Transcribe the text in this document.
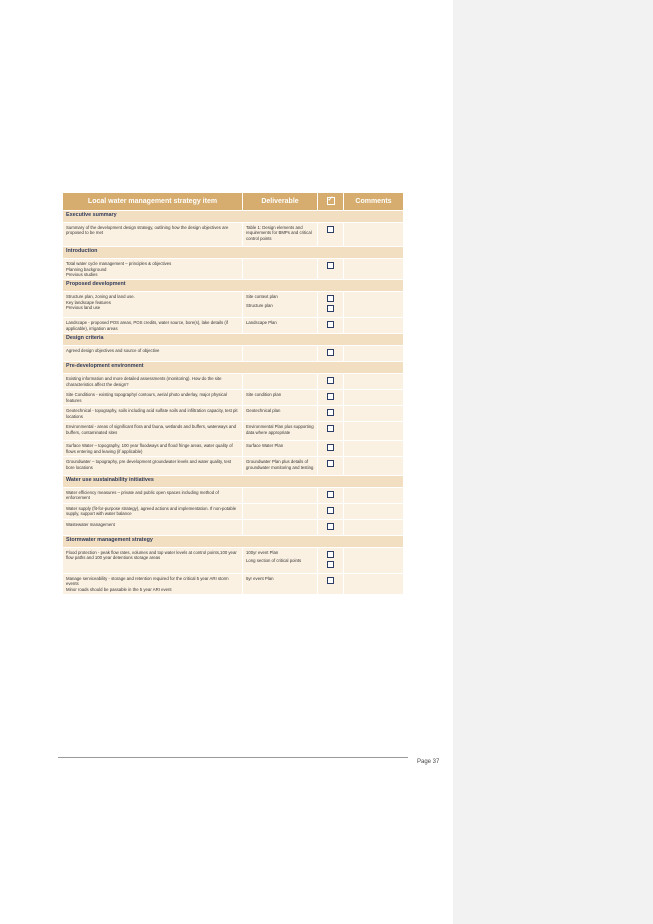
Local water management strategy item	Deliverable	✓	Comments
Executive summary			
Summary of the development design strategy, outlining how the design objectives are proposed to be met	Table 1: Design elements and requirements for BMPs and critical control points		

Introduction			
Total water cycle management – principles & objectives
Planning background
Previous studies		

Proposed development			
Structure plan, zoning and land use.
Key landscape features
Previous land use	Site context plan
Structure plan		

Landscape - proposed POS areas, POS credits, water source, bore(s), lake details (if applicable), irrigation areas	Landscape Plan		

Design criteria			
Agreed design objectives and source of objective		

Pre-development environment			
Existing information and more detailed assessments (monitoring). How do the site characteristics affect the design?		

Site Conditions - existing topography/ contours, aerial photo underlay, major physical features	Site condition plan		

Geotechnical - topography, soils including acid sulfate soils and infiltration capacity, test pit locations	Geotechnical plan		

Environmental - areas of significant flora and fauna, wetlands and buffers, waterways and buffers, contaminated sites	Environmental Plan plus supporting data where appropriate		

Surface Water – topography, 100 year floodways and flood fringe areas, water quality of flows entering and leaving (if applicable)	Surface Water Plan		

Groundwater – topography, pre development groundwater levels and water quality, test bore locations	Groundwater Plan plus details of groundwater monitoring and testing		

Water use sustainability initiatives			
Water efficiency measures – private and public open spaces including method of enforcement		

Water supply (fit-for-purpose strategy), agreed actions and implementation. If non-potable supply, support with water balance		

Wastewater management		

Stormwater management strategy			
Flood protection - peak flow rates, volumes and top water levels at control points,100 year flow paths and 100 year detentions storage areas	100yr event Plan
Long section of critical points		

Manage serviceability - storage and retention required for the critical 5 year ARI storm events
Minor roads should be passable in the 5 year ARI event	5yr event Plan		

Page 37
